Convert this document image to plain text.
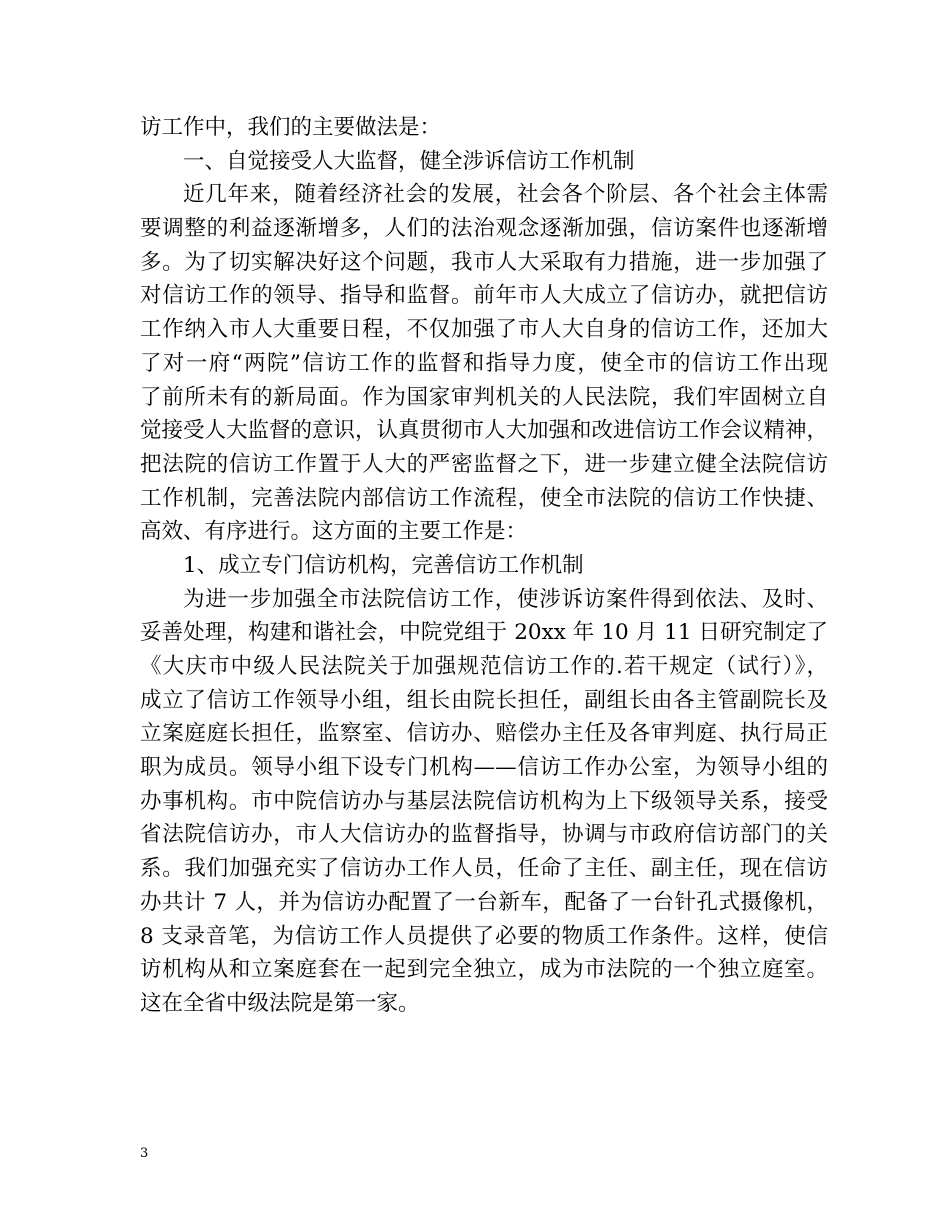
访工作中，我们的主要做法是：
一、自觉接受人大监督，健全涉诉信访工作机制
近几年来，随着经济社会的发展，社会各个阶层、各个社会主体需
要调整的利益逐渐增多，人们的法治观念逐渐加强，信访案件也逐渐增
多。为了切实解决好这个问题，我市人大采取有力措施，进一步加强了
对信访工作的领导、指导和监督。前年市人大成立了信访办，就把信访
工作纳入市人大重要日程，不仅加强了市人大自身的信访工作，还加大
了对一府“两院”信访工作的监督和指导力度，使全市的信访工作出现
了前所未有的新局面。作为国家审判机关的人民法院，我们牢固树立自
觉接受人大监督的意识，认真贯彻市人大加强和改进信访工作会议精神，
把法院的信访工作置于人大的严密监督之下，进一步建立健全法院信访
工作机制，完善法院内部信访工作流程，使全市法院的信访工作快捷、
高效、有序进行。这方面的主要工作是：
1、成立专门信访机构，完善信访工作机制
为进一步加强全市法院信访工作，使涉诉访案件得到依法、及时、
妥善处理，构建和谐社会，中院党组于 20xx 年 10 月 11 日研究制定了
《大庆市中级人民法院关于加强规范信访工作的.若干规定（试行）》，
成立了信访工作领导小组，组长由院长担任，副组长由各主管副院长及
立案庭庭长担任，监察室、信访办、赔偿办主任及各审判庭、执行局正
职为成员。领导小组下设专门机构——信访工作办公室，为领导小组的
办事机构。市中院信访办与基层法院信访机构为上下级领导关系，接受
省法院信访办，市人大信访办的监督指导，协调与市政府信访部门的关
系。我们加强充实了信访办工作人员，任命了主任、副主任，现在信访
办共计 7 人，并为信访办配置了一台新车，配备了一台针孔式摄像机，
8 支录音笔，为信访工作人员提供了必要的物质工作条件。这样，使信
访机构从和立案庭套在一起到完全独立，成为市法院的一个独立庭室。
这在全省中级法院是第一家。
3
